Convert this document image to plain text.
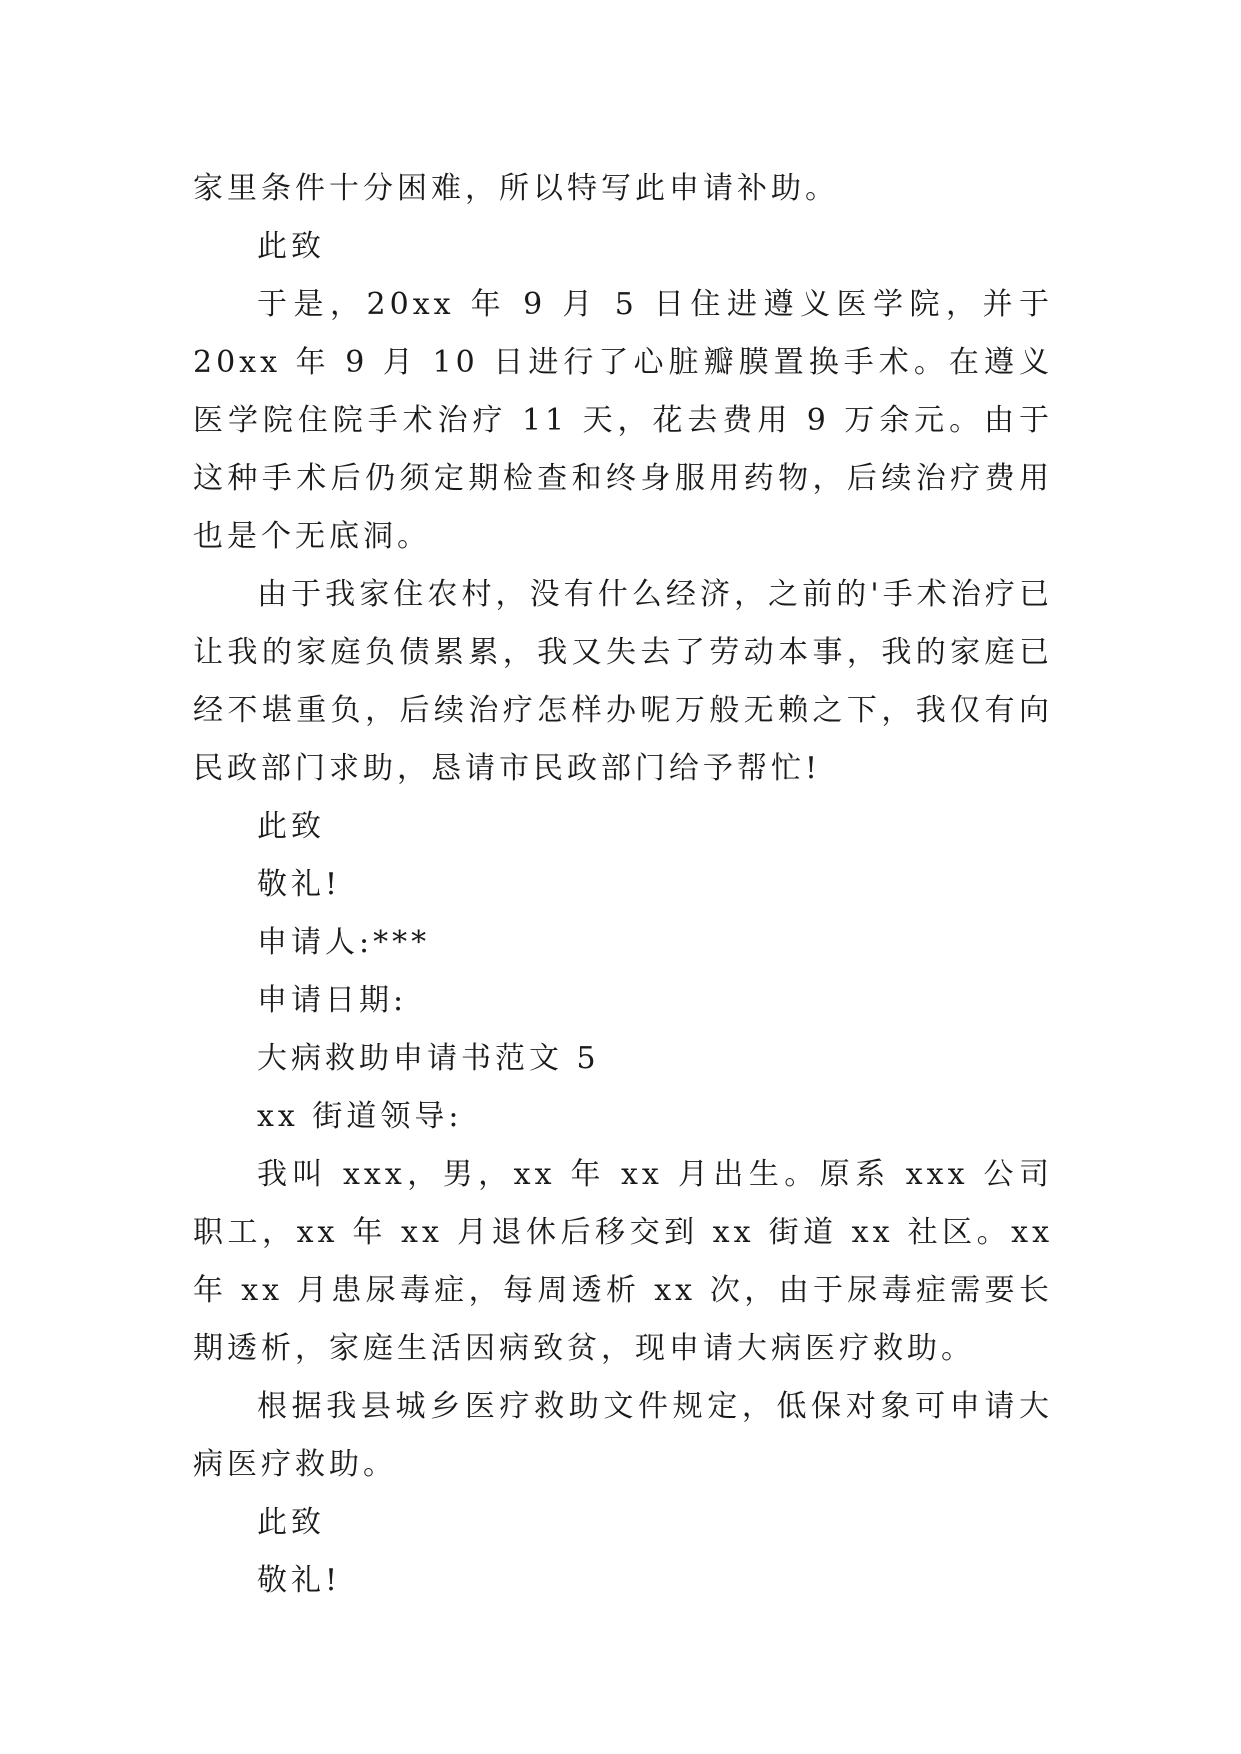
家里条件十分困难，所以特写此申请补助。

此致

于是，20xx 年 9 月 5 日住进遵义医学院，并于 20xx 年 9 月 10 日进行了心脏瓣膜置换手术。在遵义医学院住院手术治疗 11 天，花去费用 9 万余元。由于这种手术后仍须定期检查和终身服用药物，后续治疗费用也是个无底洞。

由于我家住农村，没有什么经济，之前的'手术治疗已让我的家庭负债累累，我又失去了劳动本事，我的家庭已经不堪重负，后续治疗怎样办呢万般无赖之下，我仅有向民政部门求助，恳请市民政部门给予帮忙!

此致

敬礼!

申请人:***

申请日期:

大病救助申请书范文 5

xx 街道领导:

我叫 xxx，男，xx 年 xx 月出生。原系 xxx 公司职工，xx 年 xx 月退休后移交到 xx 街道 xx 社区。xx 年 xx 月患尿毒症，每周透析 xx 次，由于尿毒症需要长期透析，家庭生活因病致贫，现申请大病医疗救助。

根据我县城乡医疗救助文件规定，低保对象可申请大病医疗救助。

此致

敬礼!
